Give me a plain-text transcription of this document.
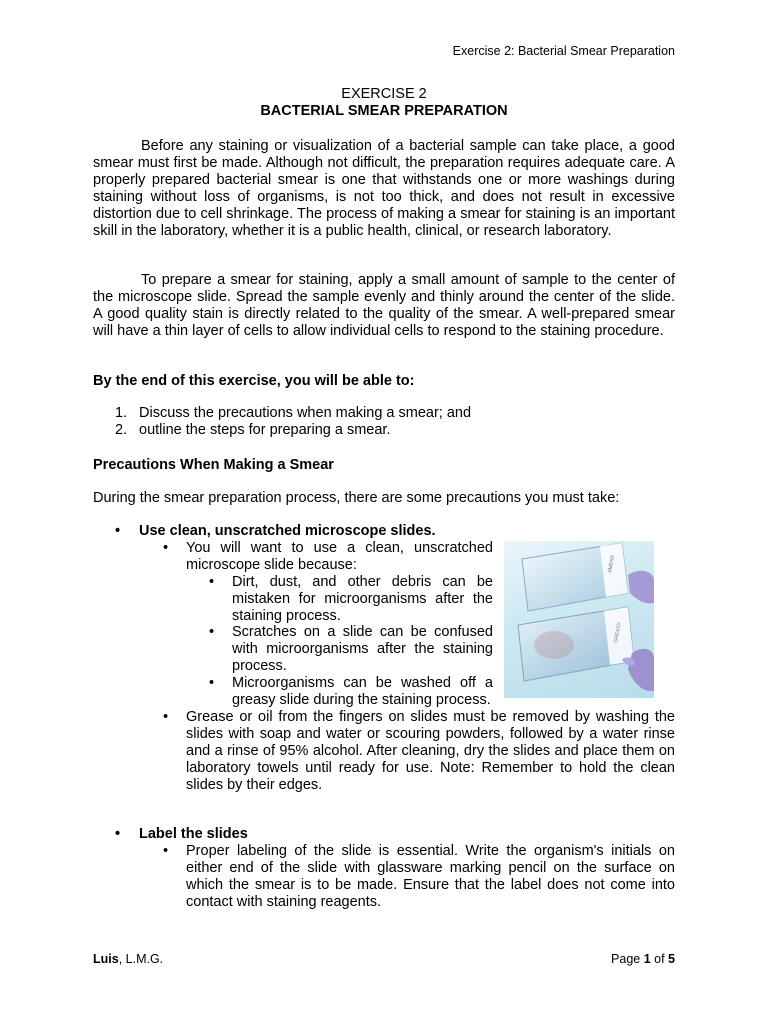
Exercise 2: Bacterial Smear Preparation
EXERCISE 2
BACTERIAL SMEAR PREPARATION
Before any staining or visualization of a bacterial sample can take place, a good smear must first be made. Although not difficult, the preparation requires adequate care. A properly prepared bacterial smear is one that withstands one or more washings during staining without loss of organisms, is not too thick, and does not result in excessive distortion due to cell shrinkage. The process of making a smear for staining is an important skill in the laboratory, whether it is a public health, clinical, or research laboratory.
To prepare a smear for staining, apply a small amount of sample to the center of the microscope slide. Spread the sample evenly and thinly around the center of the slide. A good quality stain is directly related to the quality of the smear. A well-prepared smear will have a thin layer of cells to allow individual cells to respond to the staining procedure.
By the end of this exercise, you will be able to:
1. Discuss the precautions when making a smear; and
2. outline the steps for preparing a smear.
Precautions When Making a Smear
During the smear preparation process, there are some precautions you must take:
• Use clean, unscratched microscope slides.
• You will want to use a clean, unscratched microscope slide because:
• Dirt, dust, and other debris can be mistaken for microorganisms after the staining process.
• Scratches on a slide can be confused with microorganisms after the staining process.
• Microorganisms can be washed off a greasy slide during the staining process.
• Grease or oil from the fingers on slides must be removed by washing the slides with soap and water or scouring powders, followed by a water rinse and a rinse of 95% alcohol. After cleaning, dry the slides and place them on laboratory towels until ready for use. Note: Remember to hold the clean slides by their edges.
• Label the slides
• Proper labeling of the slide is essential. Write the organism's initials on either end of the slide with glassware marking pencil on the surface on which the smear is to be made. Ensure that the label does not come into contact with staining reagents.
SMEAR
GREASY
Luis, L.M.G.	Page 1 of 5
